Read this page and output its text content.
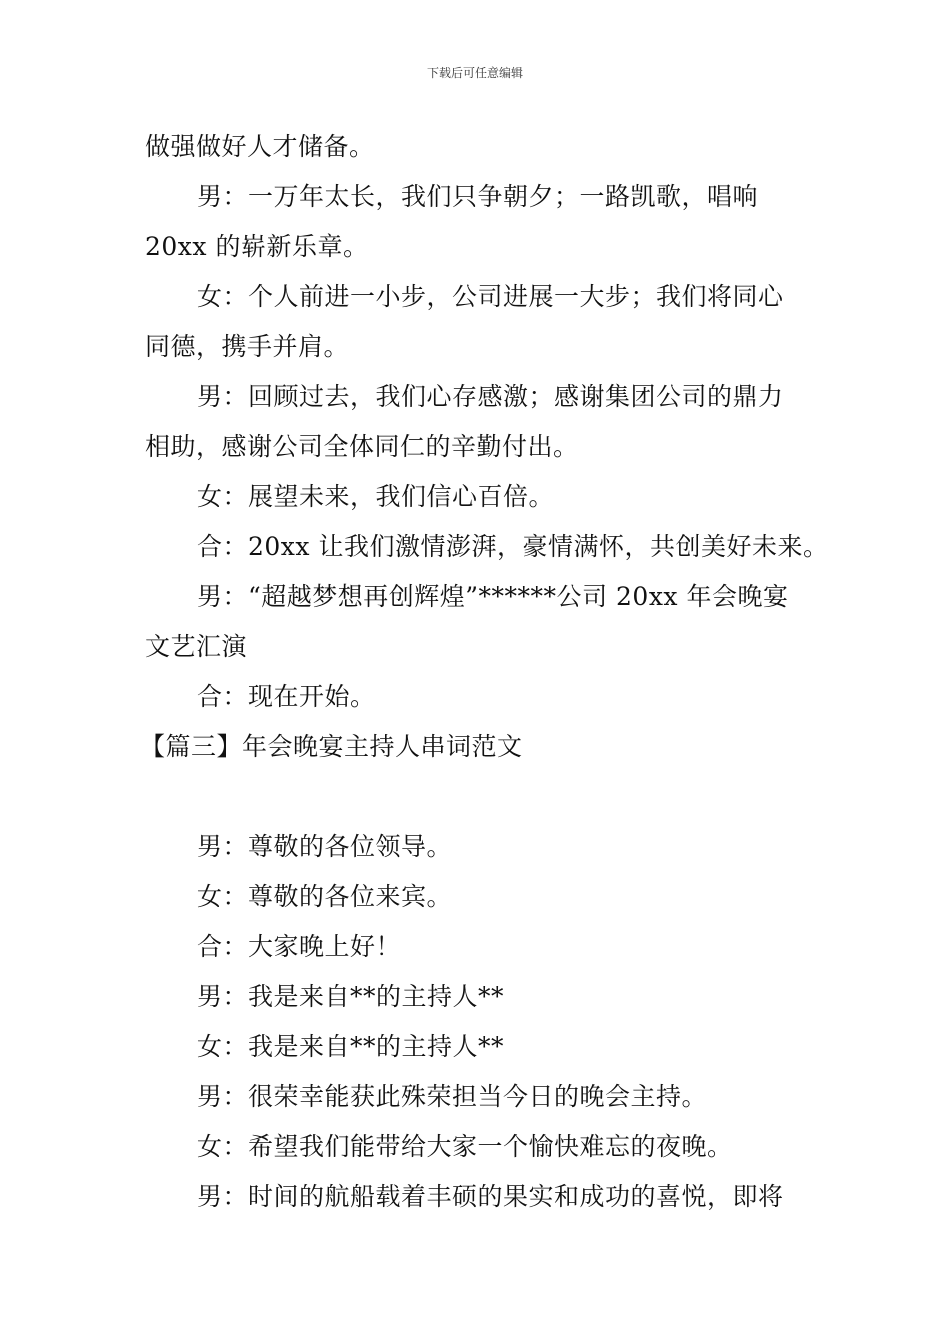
下载后可任意编辑
做强做好人才储备。
男：一万年太长，我们只争朝夕；一路凯歌，唱响
20xx 的崭新乐章。
女：个人前进一小步，公司进展一大步；我们将同心
同德，携手并肩。
男：回顾过去，我们心存感激；感谢集团公司的鼎力
相助，感谢公司全体同仁的辛勤付出。
女：展望未来，我们信心百倍。
合：20xx 让我们激情澎湃，豪情满怀，共创美好未来。
男：“超越梦想再创辉煌”******公司 20xx 年会晚宴
文艺汇演
合：现在开始。
【篇三】年会晚宴主持人串词范文
男：尊敬的各位领导。
女：尊敬的各位来宾。
合：大家晚上好！
男：我是来自**的主持人**
女：我是来自**的主持人**
男：很荣幸能获此殊荣担当今日的晚会主持。
女：希望我们能带给大家一个愉快难忘的夜晚。
男：时间的航船载着丰硕的果实和成功的喜悦，即将
